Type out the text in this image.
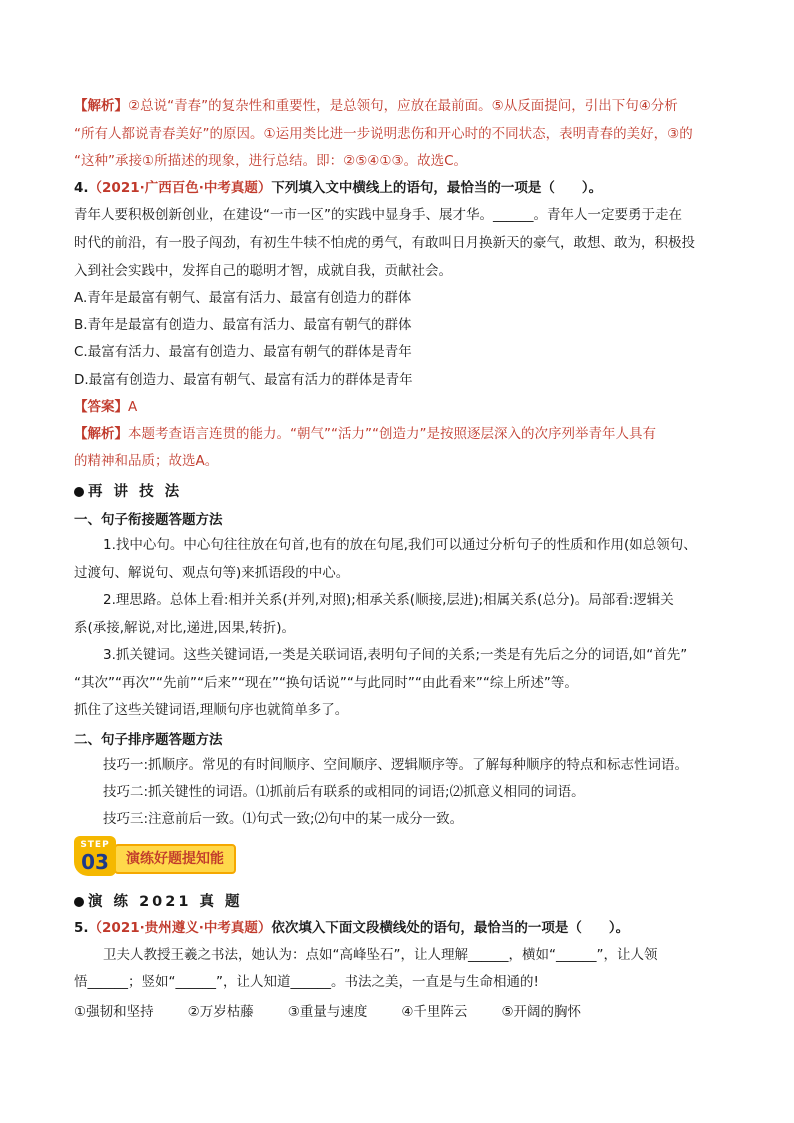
【解析】②总说“青春”的复杂性和重要性，是总领句，应放在最前面。⑤从反面提问，引出下句④分析
“所有人都说青春美好”的原因。①运用类比进一步说明悲伤和开心时的不同状态，表明青春的美好，③的
“这种”承接①所描述的现象，进行总结。即：②⑤④①③。故选C。
4.（2021·广西百色·中考真题）下列填入文中横线上的语句，最恰当的一项是（　　）。
青年人要积极创新创业，在建设“一市一区”的实践中显身手、展才华。______。青年人一定要勇于走在
时代的前沿，有一股子闯劲，有初生牛犊不怕虎的勇气，有敢叫日月换新天的豪气，敢想、敢为，积极投
入到社会实践中，发挥自己的聪明才智，成就自我，贡献社会。
A.青年是最富有朝气、最富有活力、最富有创造力的群体
B.青年是最富有创造力、最富有活力、最富有朝气的群体
C.最富有活力、最富有创造力、最富有朝气的群体是青年
D.最富有创造力、最富有朝气、最富有活力的群体是青年
【答案】A
【解析】本题考查语言连贯的能力。“朝气”“活力”“创造力”是按照逐层深入的次序列举青年人具有
的精神和品质；故选A。
再 讲 技 法
一、句子衔接题答题方法
1.找中心句。中心句往往放在句首,也有的放在句尾,我们可以通过分析句子的性质和作用(如总领句、
过渡句、解说句、观点句等)来抓语段的中心。
2.理思路。总体上看:相并关系(并列,对照);相承关系(顺接,层进);相属关系(总分)。局部看:逻辑关
系(承接,解说,对比,递进,因果,转折)。
3.抓关键词。这些关键词语,一类是关联词语,表明句子间的关系;一类是有先后之分的词语,如“首先”
“其次”“再次”“先前”“后来”“现在”“换句话说”“与此同时”“由此看来”“综上所述”等。
抓住了这些关键词语,理顺句序也就简单多了。
二、句子排序题答题方法
技巧一:抓顺序。常见的有时间顺序、空间顺序、逻辑顺序等。了解每种顺序的特点和标志性词语。
技巧二:抓关键性的词语。⑴抓前后有联系的或相同的词语;⑵抓意义相同的词语。
技巧三:注意前后一致。⑴句式一致;⑵句中的某一成分一致。
演练好题提知能
STEP
03
演 练 2021 真 题
5.（2021·贵州遵义·中考真题）依次填入下面文段横线处的语句，最恰当的一项是（　　）。
卫夫人教授王羲之书法，她认为：点如“高峰坠石”，让人理解______，横如“______”，让人领
悟______；竖如“______”，让人知道______。书法之美，一直是与生命相通的!
①强韧和坚持	②万岁枯藤	③重量与速度	④千里阵云	⑤开阔的胸怀
